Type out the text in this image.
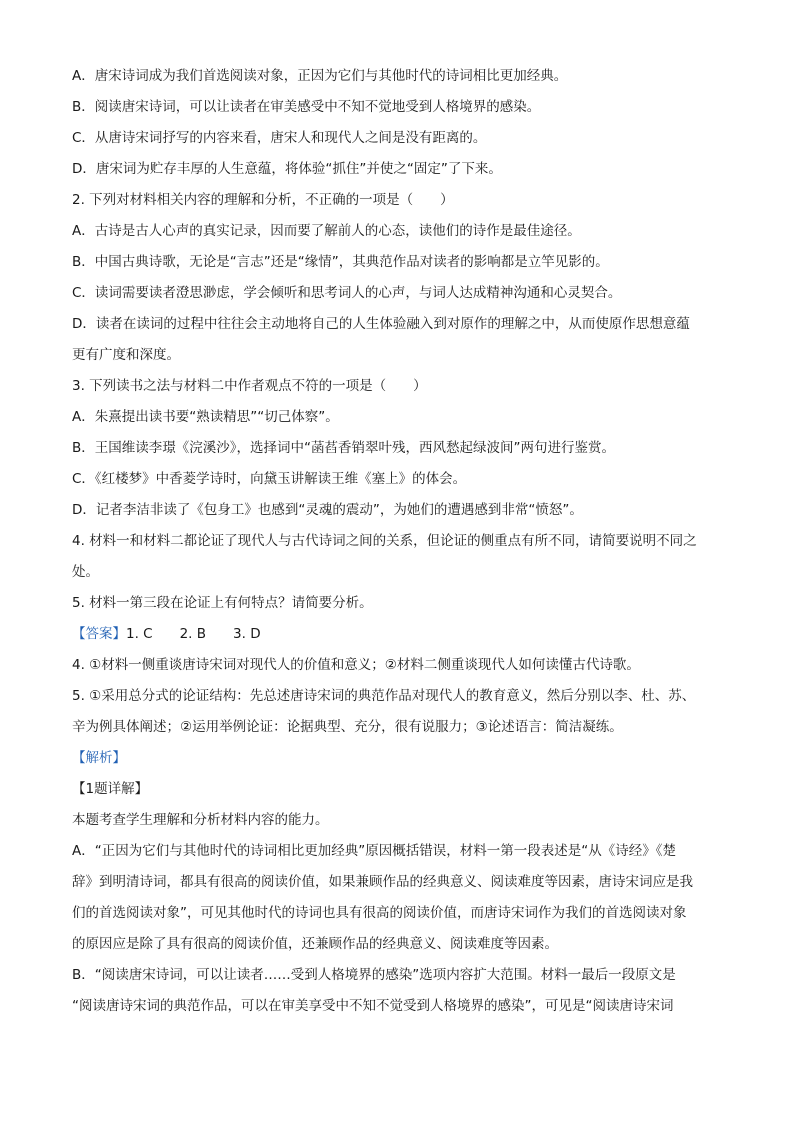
A．唐宋诗词成为我们首选阅读对象，正因为它们与其他时代的诗词相比更加经典。
B．阅读唐宋诗词，可以让读者在审美感受中不知不觉地受到人格境界的感染。
C．从唐诗宋词抒写的内容来看，唐宋人和现代人之间是没有距离的。
D．唐宋词为贮存丰厚的人生意蕴，将体验“抓住”并使之“固定”了下来。
2. 下列对材料相关内容的理解和分析，不正确的一项是（　　）
A．古诗是古人心声的真实记录，因而要了解前人的心态，读他们的诗作是最佳途径。
B．中国古典诗歌，无论是“言志”还是“缘情”，其典范作品对读者的影响都是立竿见影的。
C．读词需要读者澄思渺虑，学会倾听和思考词人的心声，与词人达成精神沟通和心灵契合。
D．读者在读词的过程中往往会主动地将自己的人生体验融入到对原作的理解之中，从而使原作思想意蕴
更有广度和深度。
3. 下列读书之法与材料二中作者观点不符的一项是（　　）
A．朱熹提出读书要“熟读精思”“切己体察”。
B．王国维读李璟《浣溪沙》，选择词中“菡萏香销翠叶残，西风愁起绿波间”两句进行鉴赏。
C．《红楼梦》中香菱学诗时，向黛玉讲解读王维《塞上》的体会。
D．记者李洁非读了《包身工》也感到“灵魂的震动”，为她们的遭遇感到非常“愤怒”。
4. 材料一和材料二都论证了现代人与古代诗词之间的关系，但论证的侧重点有所不同，请简要说明不同之
处。
5. 材料一第三段在论证上有何特点？请简要分析。
【答案】1. C　　2. B　　3. D
4. ①材料一侧重谈唐诗宋词对现代人的价值和意义；②材料二侧重谈现代人如何读懂古代诗歌。
5. ①采用总分式的论证结构：先总述唐诗宋词的典范作品对现代人的教育意义，然后分别以李、杜、苏、
辛为例具体阐述；②运用举例论证：论据典型、充分，很有说服力；③论述语言：简洁凝练。
【解析】
【1题详解】
本题考查学生理解和分析材料内容的能力。
A．“正因为它们与其他时代的诗词相比更加经典”原因概括错误，材料一第一段表述是“从《诗经》《楚
辞》到明清诗词，都具有很高的阅读价值，如果兼顾作品的经典意义、阅读难度等因素，唐诗宋词应是我
们的首选阅读对象”，可见其他时代的诗词也具有很高的阅读价值，而唐诗宋词作为我们的首选阅读对象
的原因应是除了具有很高的阅读价值，还兼顾作品的经典意义、阅读难度等因素。
B．“阅读唐宋诗词，可以让读者……受到人格境界的感染”选项内容扩大范围。材料一最后一段原文是
“阅读唐诗宋词的典范作品，可以在审美享受中不知不觉受到人格境界的感染”，可见是“阅读唐诗宋词
